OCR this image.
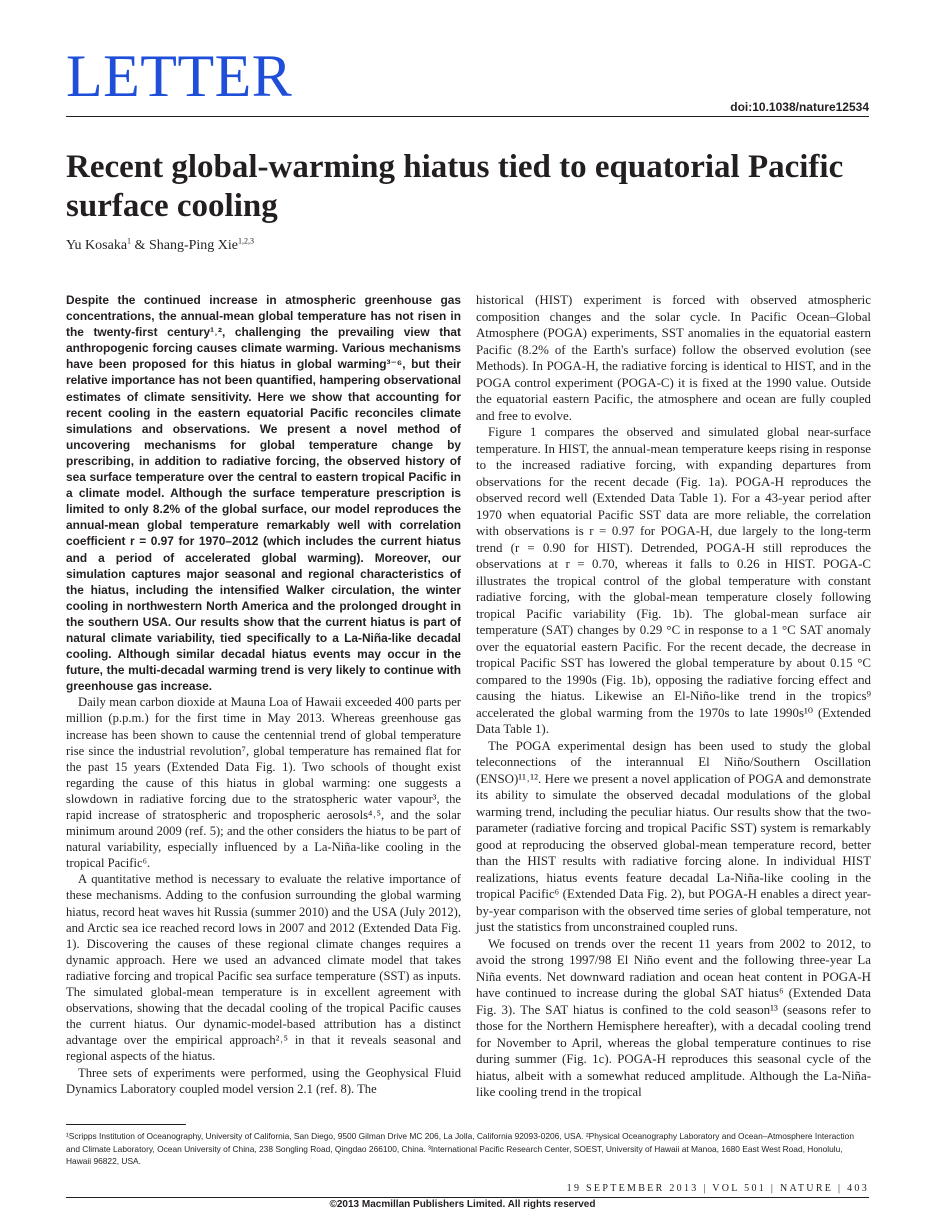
LETTER	doi:10.1038/nature12534
Recent global-warming hiatus tied to equatorial Pacific surface cooling
Yu Kosaka$^1$ & Shang-Ping Xie$^{1,2,3}$

Despite the continued increase in atmospheric greenhouse gas concentrations, the annual-mean global temperature has not risen in the twenty-first century¹˒², challenging the prevailing view that anthropogenic forcing causes climate warming. Various mechanisms have been proposed for this hiatus in global warming³⁻⁶, but their relative importance has not been quantified, hampering observational estimates of climate sensitivity. Here we show that accounting for recent cooling in the eastern equatorial Pacific reconciles climate simulations and observations. We present a novel method of uncovering mechanisms for global temperature change by prescribing, in addition to radiative forcing, the observed history of sea surface temperature over the central to eastern tropical Pacific in a climate model. Although the surface temperature prescription is limited to only 8.2% of the global surface, our model reproduces the annual-mean global temperature remarkably well with correlation coefficient r = 0.97 for 1970–2012 (which includes the current hiatus and a period of accelerated global warming). Moreover, our simulation captures major seasonal and regional characteristics of the hiatus, including the intensified Walker circulation, the winter cooling in northwestern North America and the prolonged drought in the southern USA. Our results show that the current hiatus is part of natural climate variability, tied specifically to a La-Niña-like decadal cooling. Although similar decadal hiatus events may occur in the future, the multi-decadal warming trend is very likely to continue with greenhouse gas increase.

Daily mean carbon dioxide at Mauna Loa of Hawaii exceeded 400 parts per million (p.p.m.) for the first time in May 2013. Whereas greenhouse gas increase has been shown to cause the centennial trend of global temperature rise since the industrial revolution⁷, global temperature has remained flat for the past 15 years (Extended Data Fig. 1). Two schools of thought exist regarding the cause of this hiatus in global warming: one suggests a slowdown in radiative forcing due to the stratospheric water vapour³, the rapid increase of stratospheric and tropospheric aerosols⁴˒⁵, and the solar minimum around 2009 (ref. 5); and the other considers the hiatus to be part of natural variability, especially influenced by a La-Niña-like cooling in the tropical Pacific⁶.

A quantitative method is necessary to evaluate the relative importance of these mechanisms. Adding to the confusion surrounding the global warming hiatus, record heat waves hit Russia (summer 2010) and the USA (July 2012), and Arctic sea ice reached record lows in 2007 and 2012 (Extended Data Fig. 1). Discovering the causes of these regional climate changes requires a dynamic approach. Here we used an advanced climate model that takes radiative forcing and tropical Pacific sea surface temperature (SST) as inputs. The simulated global-mean temperature is in excellent agreement with observations, showing that the decadal cooling of the tropical Pacific causes the current hiatus. Our dynamic-model-based attribution has a distinct advantage over the empirical approach²˒⁵ in that it reveals seasonal and regional aspects of the hiatus.

Three sets of experiments were performed, using the Geophysical Fluid Dynamics Laboratory coupled model version 2.1 (ref. 8). The

historical (HIST) experiment is forced with observed atmospheric composition changes and the solar cycle. In Pacific Ocean–Global Atmosphere (POGA) experiments, SST anomalies in the equatorial eastern Pacific (8.2% of the Earth's surface) follow the observed evolution (see Methods). In POGA-H, the radiative forcing is identical to HIST, and in the POGA control experiment (POGA-C) it is fixed at the 1990 value. Outside the equatorial eastern Pacific, the atmosphere and ocean are fully coupled and free to evolve.

Figure 1 compares the observed and simulated global near-surface temperature. In HIST, the annual-mean temperature keeps rising in response to the increased radiative forcing, with expanding departures from observations for the recent decade (Fig. 1a). POGA-H reproduces the observed record well (Extended Data Table 1). For a 43-year period after 1970 when equatorial Pacific SST data are more reliable, the correlation with observations is r = 0.97 for POGA-H, due largely to the long-term trend (r = 0.90 for HIST). Detrended, POGA-H still reproduces the observations at r = 0.70, whereas it falls to 0.26 in HIST. POGA-C illustrates the tropical control of the global temperature with constant radiative forcing, with the global-mean temperature closely following tropical Pacific variability (Fig. 1b). The global-mean surface air temperature (SAT) changes by 0.29 °C in response to a 1 °C SAT anomaly over the equatorial eastern Pacific. For the recent decade, the decrease in tropical Pacific SST has lowered the global temperature by about 0.15 °C compared to the 1990s (Fig. 1b), opposing the radiative forcing effect and causing the hiatus. Likewise an El-Niño-like trend in the tropics⁹ accelerated the global warming from the 1970s to late 1990s¹⁰ (Extended Data Table 1).

The POGA experimental design has been used to study the global teleconnections of the interannual El Niño/Southern Oscillation (ENSO)¹¹˒¹². Here we present a novel application of POGA and demonstrate its ability to simulate the observed decadal modulations of the global warming trend, including the peculiar hiatus. Our results show that the two-parameter (radiative forcing and tropical Pacific SST) system is remarkably good at reproducing the observed global-mean temperature record, better than the HIST results with radiative forcing alone. In individual HIST realizations, hiatus events feature decadal La-Niña-like cooling in the tropical Pacific⁶ (Extended Data Fig. 2), but POGA-H enables a direct year-by-year comparison with the observed time series of global temperature, not just the statistics from unconstrained coupled runs.

We focused on trends over the recent 11 years from 2002 to 2012, to avoid the strong 1997/98 El Niño event and the following three-year La Niña events. Net downward radiation and ocean heat content in POGA-H have continued to increase during the global SAT hiatus⁶ (Extended Data Fig. 3). The SAT hiatus is confined to the cold season¹³ (seasons refer to those for the Northern Hemisphere hereafter), with a decadal cooling trend for November to April, whereas the global temperature continues to rise during summer (Fig. 1c). POGA-H reproduces this seasonal cycle of the hiatus, albeit with a somewhat reduced amplitude. Although the La-Niña-like cooling trend in the tropical

¹Scripps Institution of Oceanography, University of California, San Diego, 9500 Gilman Drive MC 206, La Jolla, California 92093-0206, USA. ²Physical Oceanography Laboratory and Ocean–Atmosphere Interaction and Climate Laboratory, Ocean University of China, 238 Songling Road, Qingdao 266100, China. ³International Pacific Research Center, SOEST, University of Hawaii at Manoa, 1680 East West Road, Honolulu, Hawaii 96822, USA.

19 SEPTEMBER 2013 | VOL 501 | NATURE | 403
©2013 Macmillan Publishers Limited. All rights reserved
